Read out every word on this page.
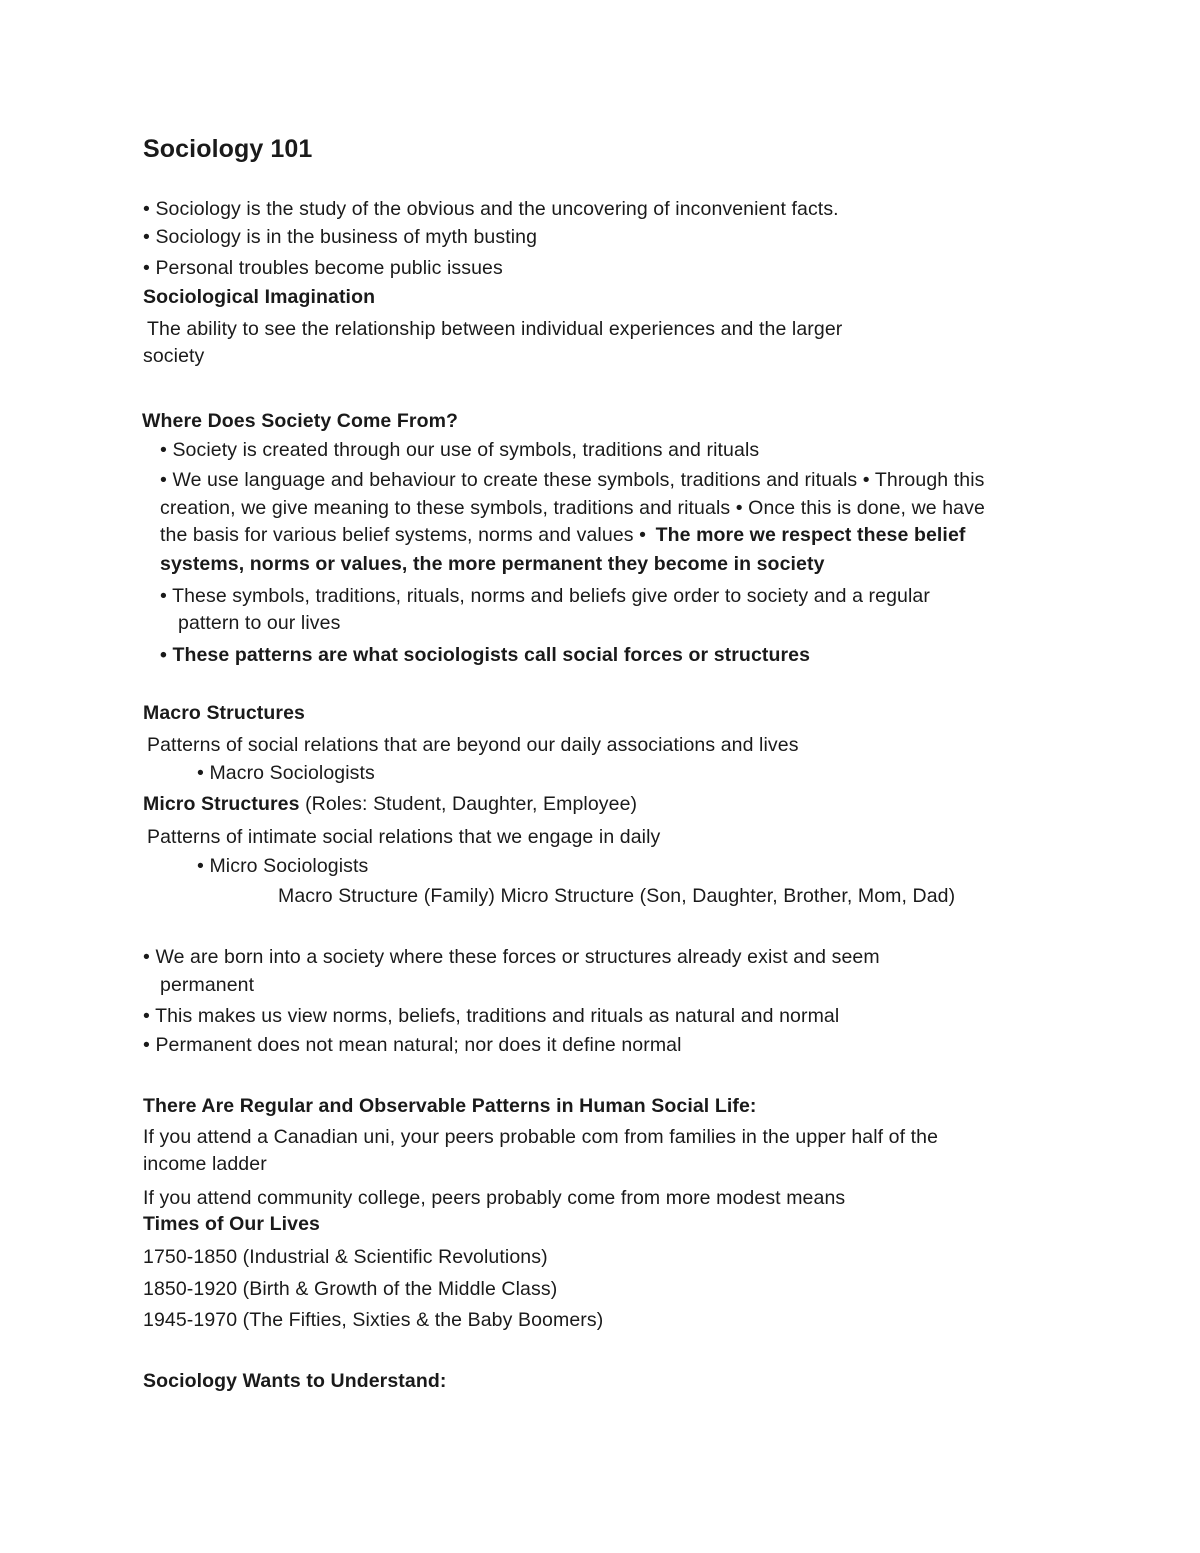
Sociology 101
• Sociology is the study of the obvious and the uncovering of inconvenient facts.
• Sociology is in the business of myth busting
• Personal troubles become public issues
Sociological Imagination
The ability to see the relationship between individual experiences and the larger
society
Where Does Society Come From?
• Society is created through our use of symbols, traditions and rituals
• We use language and behaviour to create these symbols, traditions and rituals • Through this
creation, we give meaning to these symbols, traditions and rituals • Once this is done, we have
the basis for various belief systems, norms and values • The more we respect these belief
systems, norms or values, the more permanent they become in society
• These symbols, traditions, rituals, norms and beliefs give order to society and a regular
pattern to our lives
• These patterns are what sociologists call social forces or structures
Macro Structures
Patterns of social relations that are beyond our daily associations and lives
• Macro Sociologists
Micro Structures (Roles: Student, Daughter, Employee)
Patterns of intimate social relations that we engage in daily
• Micro Sociologists
Macro Structure (Family) Micro Structure (Son, Daughter, Brother, Mom, Dad)
• We are born into a society where these forces or structures already exist and seem
permanent
• This makes us view norms, beliefs, traditions and rituals as natural and normal
• Permanent does not mean natural; nor does it define normal
There Are Regular and Observable Patterns in Human Social Life:
If you attend a Canadian uni, your peers probable com from families in the upper half of the
income ladder
If you attend community college, peers probably come from more modest means
Times of Our Lives
1750-1850 (Industrial & Scientific Revolutions)
1850-1920 (Birth & Growth of the Middle Class)
1945-1970 (The Fifties, Sixties & the Baby Boomers)
Sociology Wants to Understand:
